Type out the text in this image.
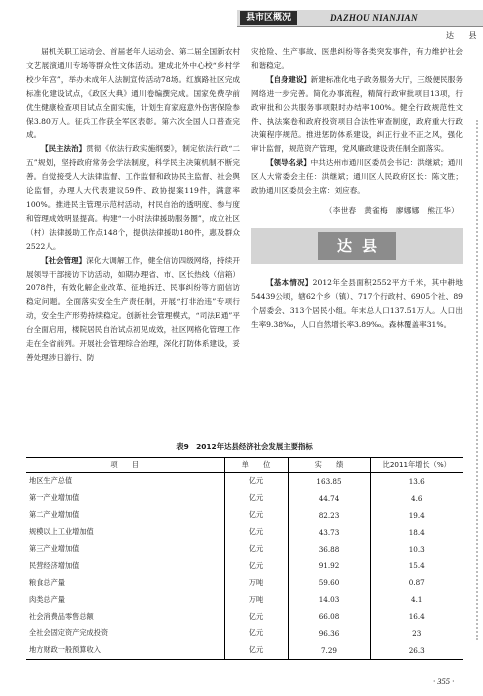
县市区概况	DAZHOU NIANJIAN
达 县

届机关职工运动会、首届老年人运动会、第二届全国新农村文艺展演通川专场等群众性文体活动。建成北外中心校“乡村学校少年宫”，举办未成年人法制宣传活动78场。红旗路社区完成标准化建设试点，《政区大典》通川卷编撰完成。国家免费孕前优生健康检查项目试点全面实施，计划生育家庭意外伤害保险参保3.80万人。征兵工作获全军区表彰。第六次全国人口普查完成。

【民主法治】贯彻《依法行政实施纲要》，制定依法行政“二五”规划，坚持政府常务会学法制度，科学民主决策机制不断完善。自觉接受人大法律监督、工作监督和政协民主监督、社会舆论监督，办理人大代表建议59件、政协提案119件，满意率100%。推进民主管理示范村活动，村民自治的透明度、参与度和管理成效明显提高。构建“一小时法律援助服务圈”，成立社区（村）法律援助工作点148个，提供法律援助180件，惠及群众2522人。

【社会管理】深化大调解工作，健全信访四级网络，持续开展领导干部接访下访活动，如期办理省、市、区长热线（信箱）2078件，有效化解企业改革、征地拆迁、民事纠纷等方面信访稳定问题。全面落实安全生产责任制，开展“打非治违”专项行动，安全生产形势持续稳定。创新社会管理模式，“司法E通”平台全面启用，楼院居民自治试点初见成效，社区网格化管理工作走在全省前列。开展社会管理综合治理，深化打防体系建设，妥善处理涉日游行、防

灾抢险、生产事故、医患纠纷等各类突发事件，有力维护社会和谐稳定。

【自身建设】新建标准化电子政务服务大厅，三级便民服务网络进一步完善。简化办事流程，精简行政审批项目13项，行政审批和公共服务事项限时办结率100%。健全行政规范性文件、执法案卷和政府投资项目合法性审查制度，政府重大行政决策程序规范。推进惩防体系建设，纠正行业不正之风，强化审计监督，规范资产管理，党风廉政建设责任制全面落实。

【领导名录】中共达州市通川区委员会书记：洪继斌；通川区人大常委会主任：洪继斌；通川区人民政府区长：陈文胜；政协通川区委员会主席：刘应春。

（李世春　黄雀梅　廖娜娜　熊江华）

达县

【基本情况】2012年全县面积2552平方千米，其中耕地54439公顷，辖62个乡（镇）、717个行政村、6905个社、89个居委会、313个居民小组。年末总人口137.51万人。人口出生率9.38‰，人口自然增长率3.89‰。森林覆盖率31%。

表9　2012年达县经济社会发展主要指标
项　　目	单　　位	实　　绩	比2011年增长（%）
地区生产总值	亿元	163.85	13.6
第一产业增加值	亿元	44.74	4.6
第二产业增加值	亿元	82.23	19.4
规模以上工业增加值	亿元	43.73	18.4
第三产业增加值	亿元	36.88	10.3
民营经济增加值	亿元	91.92	15.4
粮食总产量	万吨	59.60	0.87
肉类总产量	万吨	14.03	4.1
社会消费品零售总额	亿元	66.08	16.4
全社会固定资产完成投资	亿元	96.36	23
地方财政一般预算收入	亿元	7.29	26.3
· 355 ·
